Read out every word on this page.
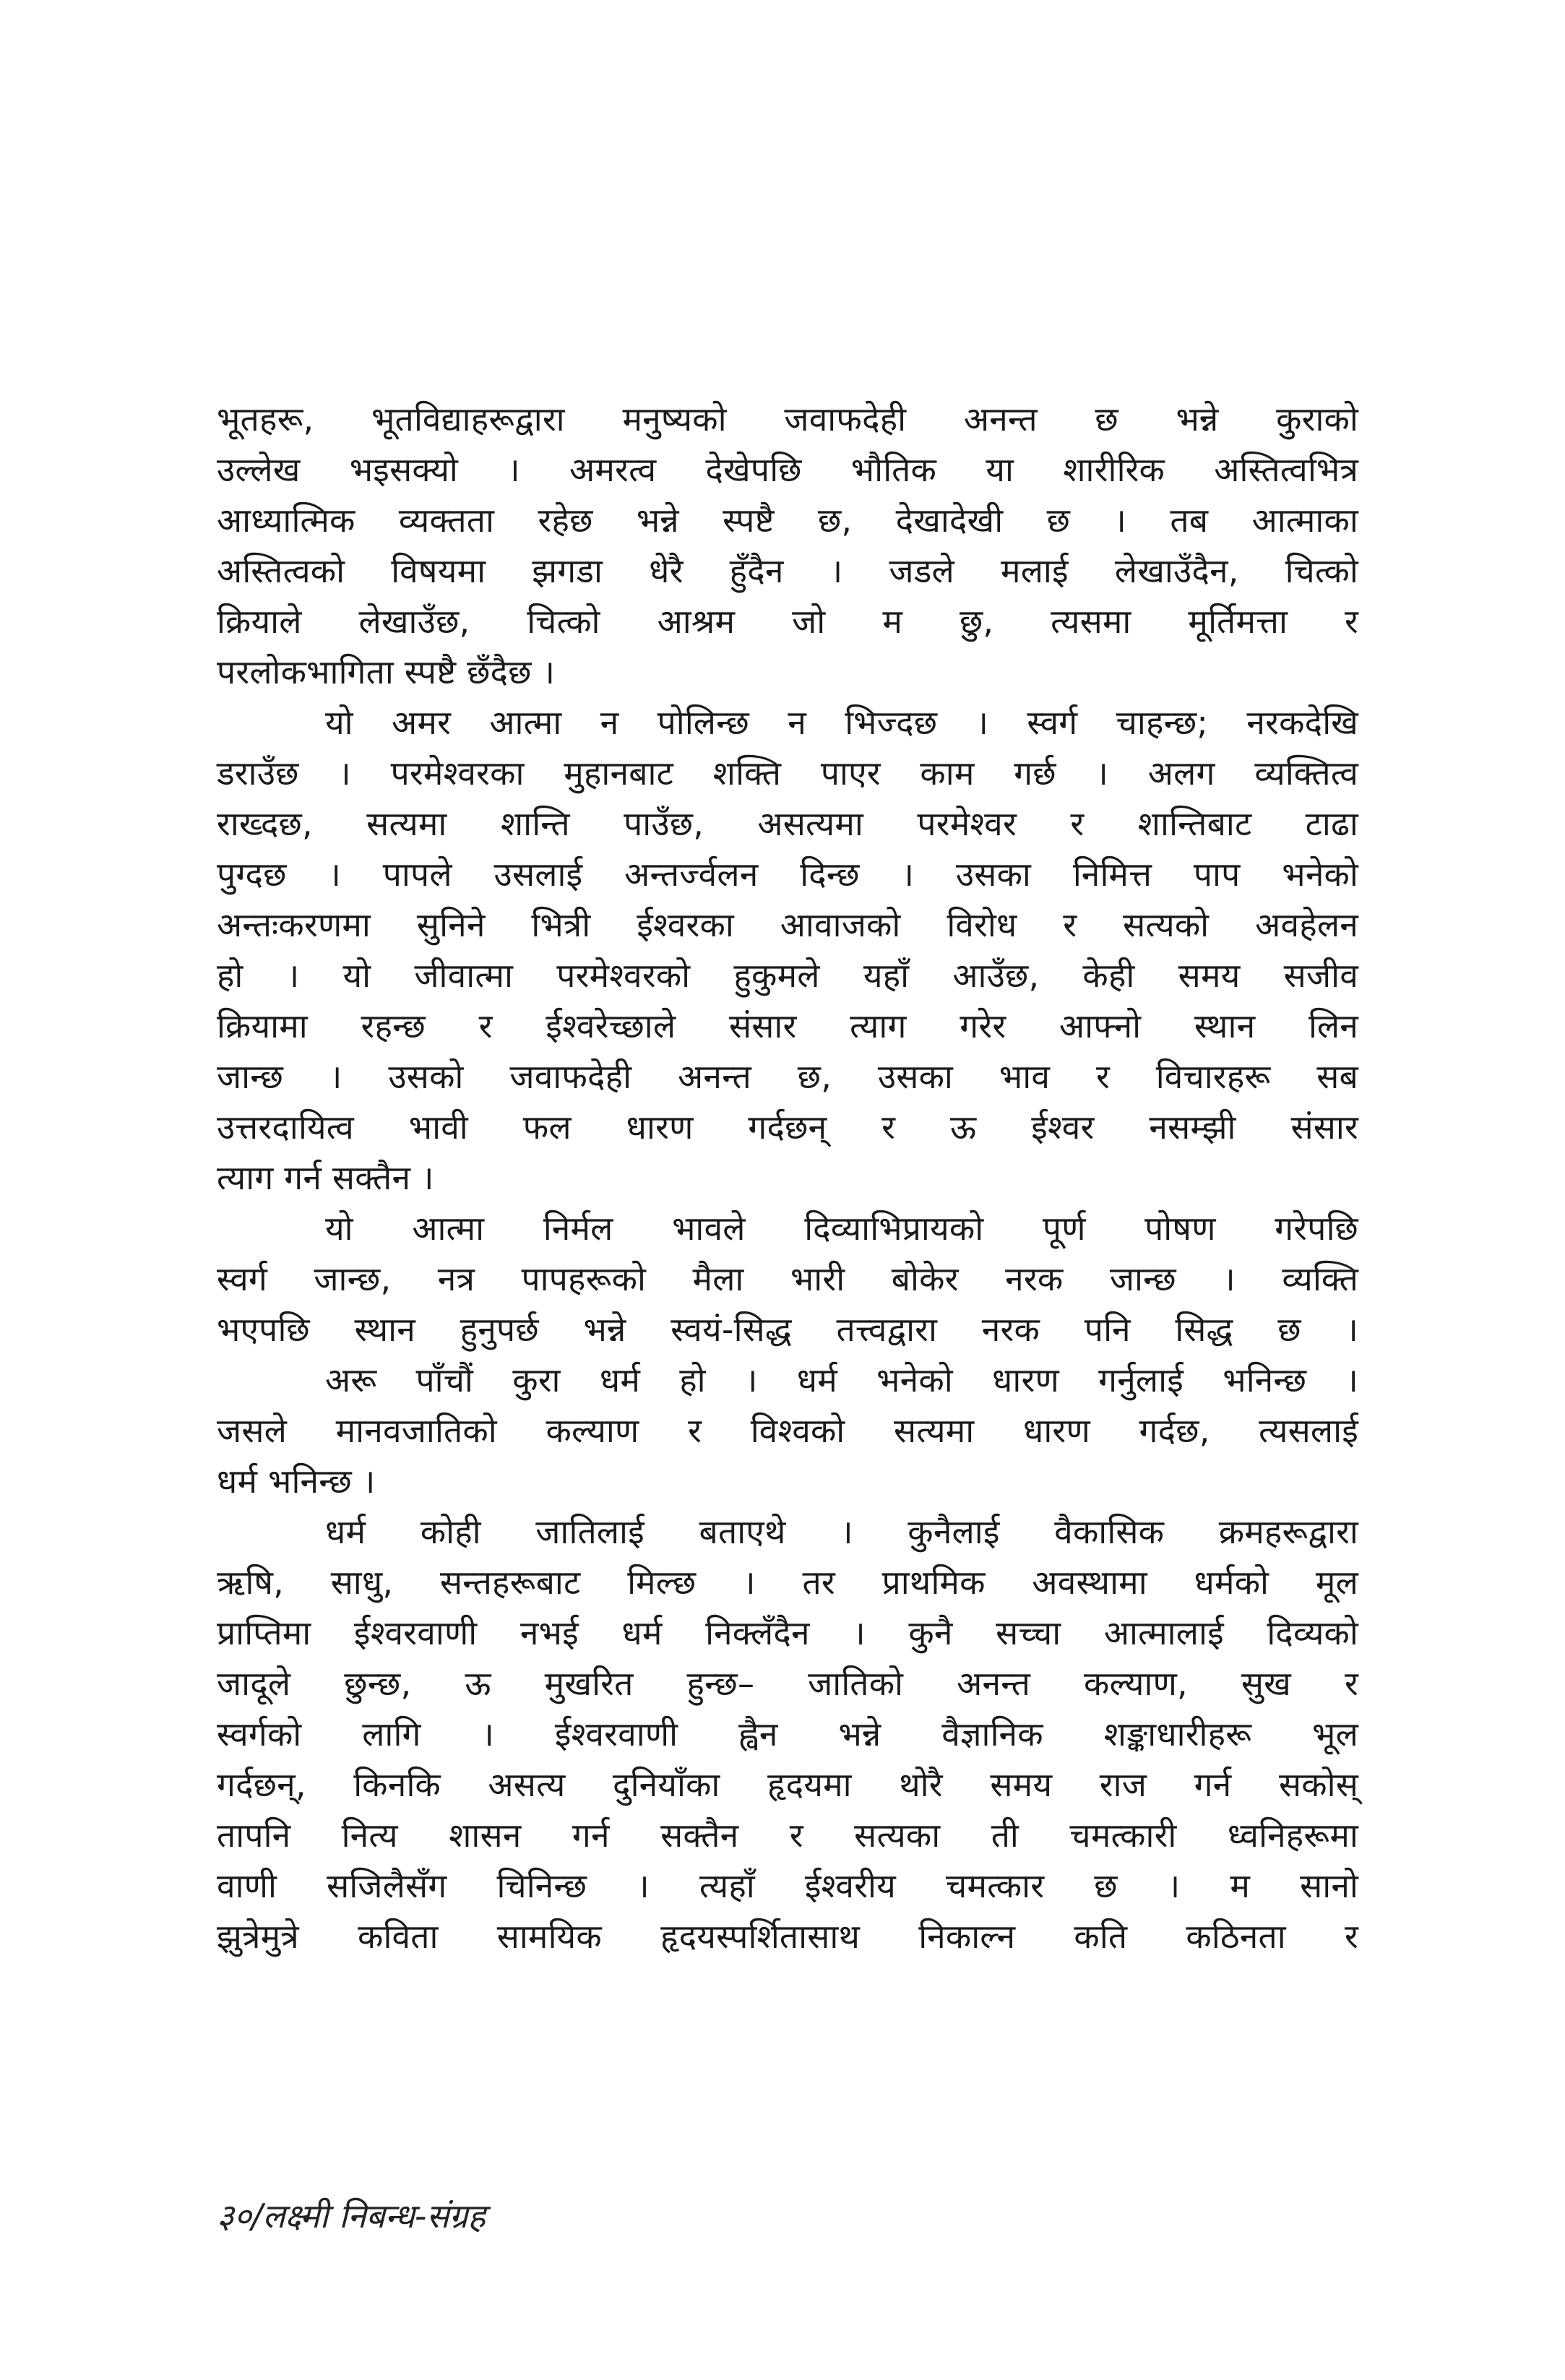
भूतहरू, भूतविद्याहरूद्वारा मनुष्यको जवाफदेही अनन्त छ भन्ने कुराको
उल्लेख भइसक्यो । अमरत्व देखेपछि भौतिक या शारीरिक अस्तित्वभित्र
आध्यात्मिक व्यक्तता रहेछ भन्ने स्पष्टै छ, देखादेखी छ । तब आत्माका
अस्तित्वको विषयमा झगडा धेरै हुँदैन । जडले मलाई लेखाउँदैन, चित्को
क्रियाले लेखाउँछ, चित्को आश्रम जो म छु, त्यसमा मूर्तिमत्ता र
परलोकभागिता स्पष्टै छँदैछ ।
यो अमर आत्मा न पोलिन्छ न भिज्दछ । स्वर्ग चाहन्छ; नरकदेखि
डराउँछ । परमेश्वरका मुहानबाट शक्ति पाएर काम गर्छ । अलग व्यक्तित्व
राख्दछ, सत्यमा शान्ति पाउँछ, असत्यमा परमेश्वर र शान्तिबाट टाढा
पुग्दछ । पापले उसलाई अन्तर्ज्वलन दिन्छ । उसका निमित्त पाप भनेको
अन्तःकरणमा सुनिने भित्री ईश्वरका आवाजको विरोध र सत्यको अवहेलन
हो । यो जीवात्मा परमेश्वरको हुकुमले यहाँ आउँछ, केही समय सजीव
क्रियामा रहन्छ र ईश्वरेच्छाले संसार त्याग गरेर आफ्नो स्थान लिन
जान्छ । उसको जवाफदेही अनन्त छ, उसका भाव र विचारहरू सब
उत्तरदायित्व भावी फल धारण गर्दछन् र ऊ ईश्वर नसम्झी संसार
त्याग गर्न सक्तैन ।
यो आत्मा निर्मल भावले दिव्याभिप्रायको पूर्ण पोषण गरेपछि
स्वर्ग जान्छ, नत्र पापहरूको मैला भारी बोकेर नरक जान्छ । व्यक्ति
भएपछि स्थान हुनुपर्छ भन्ने स्वयं-सिद्ध तत्त्वद्वारा नरक पनि सिद्ध छ ।
अरू पाँचौं कुरा धर्म हो । धर्म भनेको धारण गर्नुलाई भनिन्छ ।
जसले मानवजातिको कल्याण र विश्वको सत्यमा धारण गर्दछ, त्यसलाई
धर्म भनिन्छ ।
धर्म कोही जातिलाई बताएथे । कुनैलाई वैकासिक क्रमहरूद्वारा
ऋषि, साधु, सन्तहरूबाट मिल्छ । तर प्राथमिक अवस्थामा धर्मको मूल
प्राप्तिमा ईश्वरवाणी नभई धर्म निक्लँदैन । कुनै सच्चा आत्मालाई दिव्यको
जादूले छुन्छ, ऊ मुखरित हुन्छ– जातिको अनन्त कल्याण, सुख र
स्वर्गको लागि । ईश्वरवाणी ह्वैन भन्ने वैज्ञानिक शङ्काधारीहरू भूल
गर्दछन्, किनकि असत्य दुनियाँका हृदयमा थोरै समय राज गर्न सकोस्
तापनि नित्य शासन गर्न सक्तैन र सत्यका ती चमत्कारी ध्वनिहरूमा
वाणी सजिलैसँग चिनिन्छ । त्यहाँ ईश्वरीय चमत्कार छ । म सानो
झुत्रेमुत्रे कविता सामयिक हृदयस्पर्शितासाथ निकाल्न कति कठिनता र
३०/लक्ष्मी निबन्ध-संग्रह
